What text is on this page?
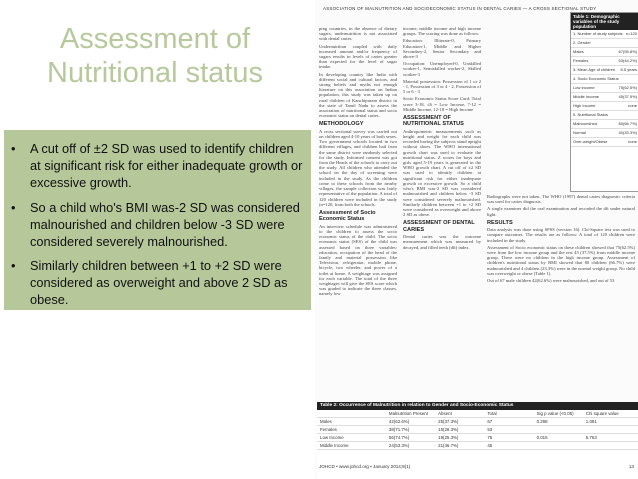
ASSOCIATION OF MALNUTRITION AND SOCIOECONOMIC STATUS IN DENTAL CARIES — A CROSS SECTIONAL STUDY

ping countries, in the absence of dietary sugars, undernutrition is not associated with dental caries.

Undernutrition coupled with daily increased amount and/or frequency of sugars results in levels of caries greater than expected for the level of sugar intake.

In developing country like India with different social and cultural factors, and strong beliefs and myths not enough literature on this association on Indian population, this study was taken up on rural children of Kanchipuram district in the state of Tamil Nadu to assess the association of nutritional status and socio economic status on dental caries.

METHODOLOGY

A cross sectional survey was carried out on children aged 4-10 years of both sexes. Two government schools located in two different villages, and children hail from the same district were randomly selected for the study. Informed consent was got from the Heads of the schools to carry out the study. All children who attended the school on the day of screening were included in the study. As the children come to these schools from the nearby villages, the sample collection was fairly representative of the population. A total of 120 children were included in the study (n=120, from both the schools.

Assessment of Socio Economic Status

An interview schedule was administered to the children to assess the socio economic status of the child. The socio economic status (SES) of the child was assessed based on three variables: education, occupation of the head of the family and material possession like Television, refrigerator, mobile phone, bicycle, two wheeler, and power of a toilet at home. A weightage was assigned for each variable. The total of the three weightages will give the SES score which was graded to indicate the three classes, namely low

income, middle income and high income groups. The scoring was done as follows:

Education: Illiterate-0, Primary Education-1, Middle and Higher Secondary-2, Senior Secondary and above-3

Occupation: Unemployed-0, Unskilled worker-1, Semiskilled worker-2, Skilled worker-3

Material possession: Possession of 1 or 2 - 1, Possession of 3 or 4 - 2, Possession of 5 or 6 - 3

Socio Economic Status Score Card: Total score 3-18, ≤6 = Low Income, 7-12 = Middle Income, 12-18 = High Income

ASSESSMENT OF NUTRITIONAL STATUS

Anthropometric measurements such as height and weight for each child was recorded having the subjects stand upright without shoes. The WHO international growth chart was used to evaluate the nutritional status. Z scores for boys and girls aged 5-19 years is generated in the WHO growth chart. A cut off of ±2 SD was used to identify children at significant risk for either inadequate growth or excessive growth. So a child who's BMI was-2 SD was considered malnourished and children below -3 SD were considered severely malnourished. Similarly children between +1 to +2 SD were considered as overweight and above 2 SD as obese.

ASSESSMENT OF DENTAL CARIES

Dental caries was the outcome measurement which was measured by decayed, and filled teeth (dft) index.

Radiographs were not taken. The WHO (1997) dental caries diagnostic criteria was used for caries diagnosis.

A single examiner did the oral examination and recorded the dft under natural light.

RESULTS

Data analysis was done using SPSS (version 16). Chi-Square test was used to compare outcomes. The results are as follows: A total of 120 children were included in the study.

Assessment of Socio economic status on these children showed that 75(62.5%) were from the low income group and the rest 45 (37.5%) from middle income group. There were no children in the high income group. Assessment of children's nutritional status by BMI showed that 80 children (66.7%) were malnourished and 4 children (23.3%) were in the normal weight group. No child was overweight or obese (Table 1).

Out of 67 male children 42(62.6%) were malnourished, and out of 53

Table 1: Demographic variables of the study population
1. Number of study subjects n=120
2. Gender
Males	67(55.8%)
Females	53(44.2%)
3. Mean Age of children 8.5 years
4. Socio Economic Status
Low Income	75(62.5%)
Middle Income	45(37.5%)
High Income	none
5. Nutritional Status
Malnourished	80(66.7%)
Normal	40(33.3%)
Over-weight/Obese	none
Table 2: Occurrence of Malnutrition in relation to Gender and Socio-Economic Status
Malnutrition Present	Absent	Total	Sig p value (<0.05)	Chi square value
Males	42(62.6%)	25(37.3%)	67	0.298	1.091
Females	38(71.7%)	15(28.3%)	53
Low Income	56(74.7%)	19(25.3%)	75	0.016	5.763
Middle Income	24(53.3%)	21(46.7%)	45
JOHCD • www.johcd.org • January 2014;8(1)	13
Assessment of Nutritional status
•	A cut off of ±2 SD was used to identify children at significant risk for either inadequate growth or excessive growth.
•	So a child who's BMI was-2 SD was considered malnourished and children below -3 SD were considered severely malnourished.
•	Similarly children between +1 to +2 SD were considered as overweight and above 2 SD as obese.
